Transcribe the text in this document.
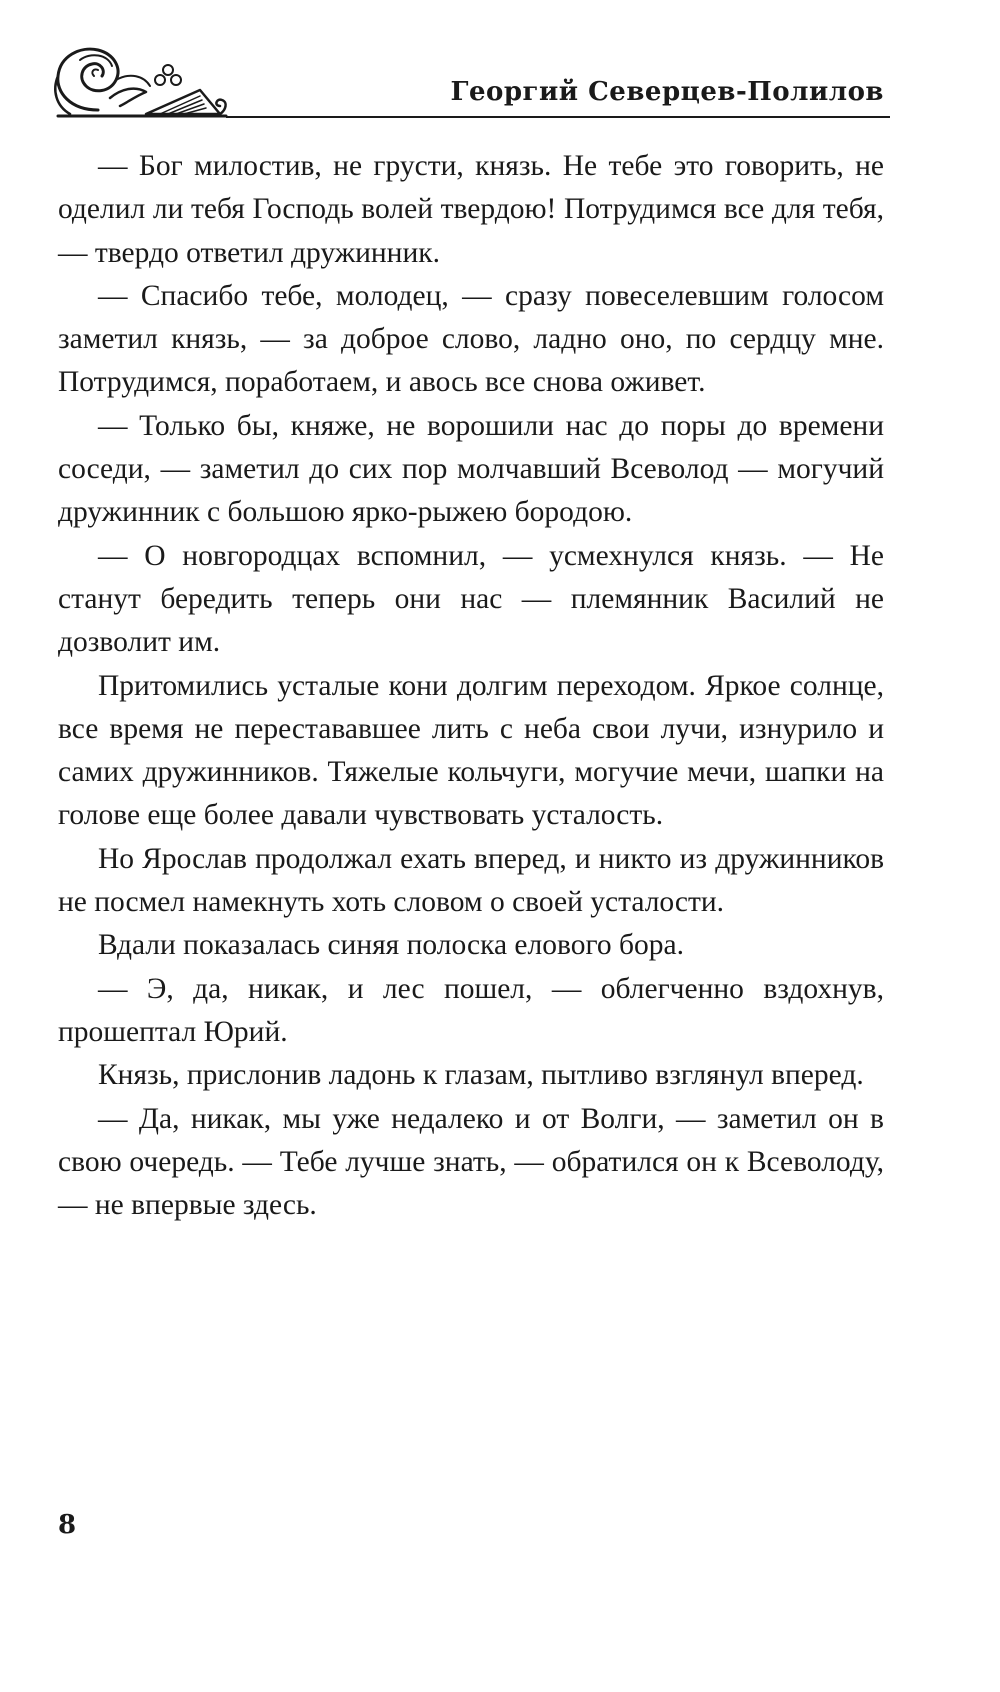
Георгий Северцев-Полилов

— Бог милостив, не грусти, князь. Не тебе это говорить, не оделил ли тебя Господь волей твердою! Потрудимся все для тебя, — твердо ответил дружинник.

— Спасибо тебе, молодец, — сразу повеселевшим голосом заметил князь, — за доброе слово, ладно оно, по сердцу мне. Потрудимся, поработаем, и авось все снова оживет.

— Только бы, княже, не ворошили нас до поры до времени соседи, — заметил до сих пор молчавший Всеволод — могучий дружинник с большою ярко-рыжею бородою.

— О новгородцах вспомнил, — усмехнулся князь. — Не станут бередить теперь они нас — племянник Василий не дозволит им.

Притомились усталые кони долгим переходом. Яркое солнце, все время не перестававшее лить с неба свои лучи, изнурило и самих дружинников. Тяжелые кольчуги, могучие мечи, шапки на голове еще более давали чувствовать усталость.

Но Ярослав продолжал ехать вперед, и никто из дружинников не посмел намекнуть хоть словом о своей усталости.

Вдали показалась синяя полоска елового бора.

— Э, да, никак, и лес пошел, — облегченно вздохнув, прошептал Юрий.

Князь, прислонив ладонь к глазам, пытливо взглянул вперед.

— Да, никак, мы уже недалеко и от Волги, — заметил он в свою очередь. — Тебе лучше знать, — обратился он к Всеволоду, — не впервые здесь.

8
